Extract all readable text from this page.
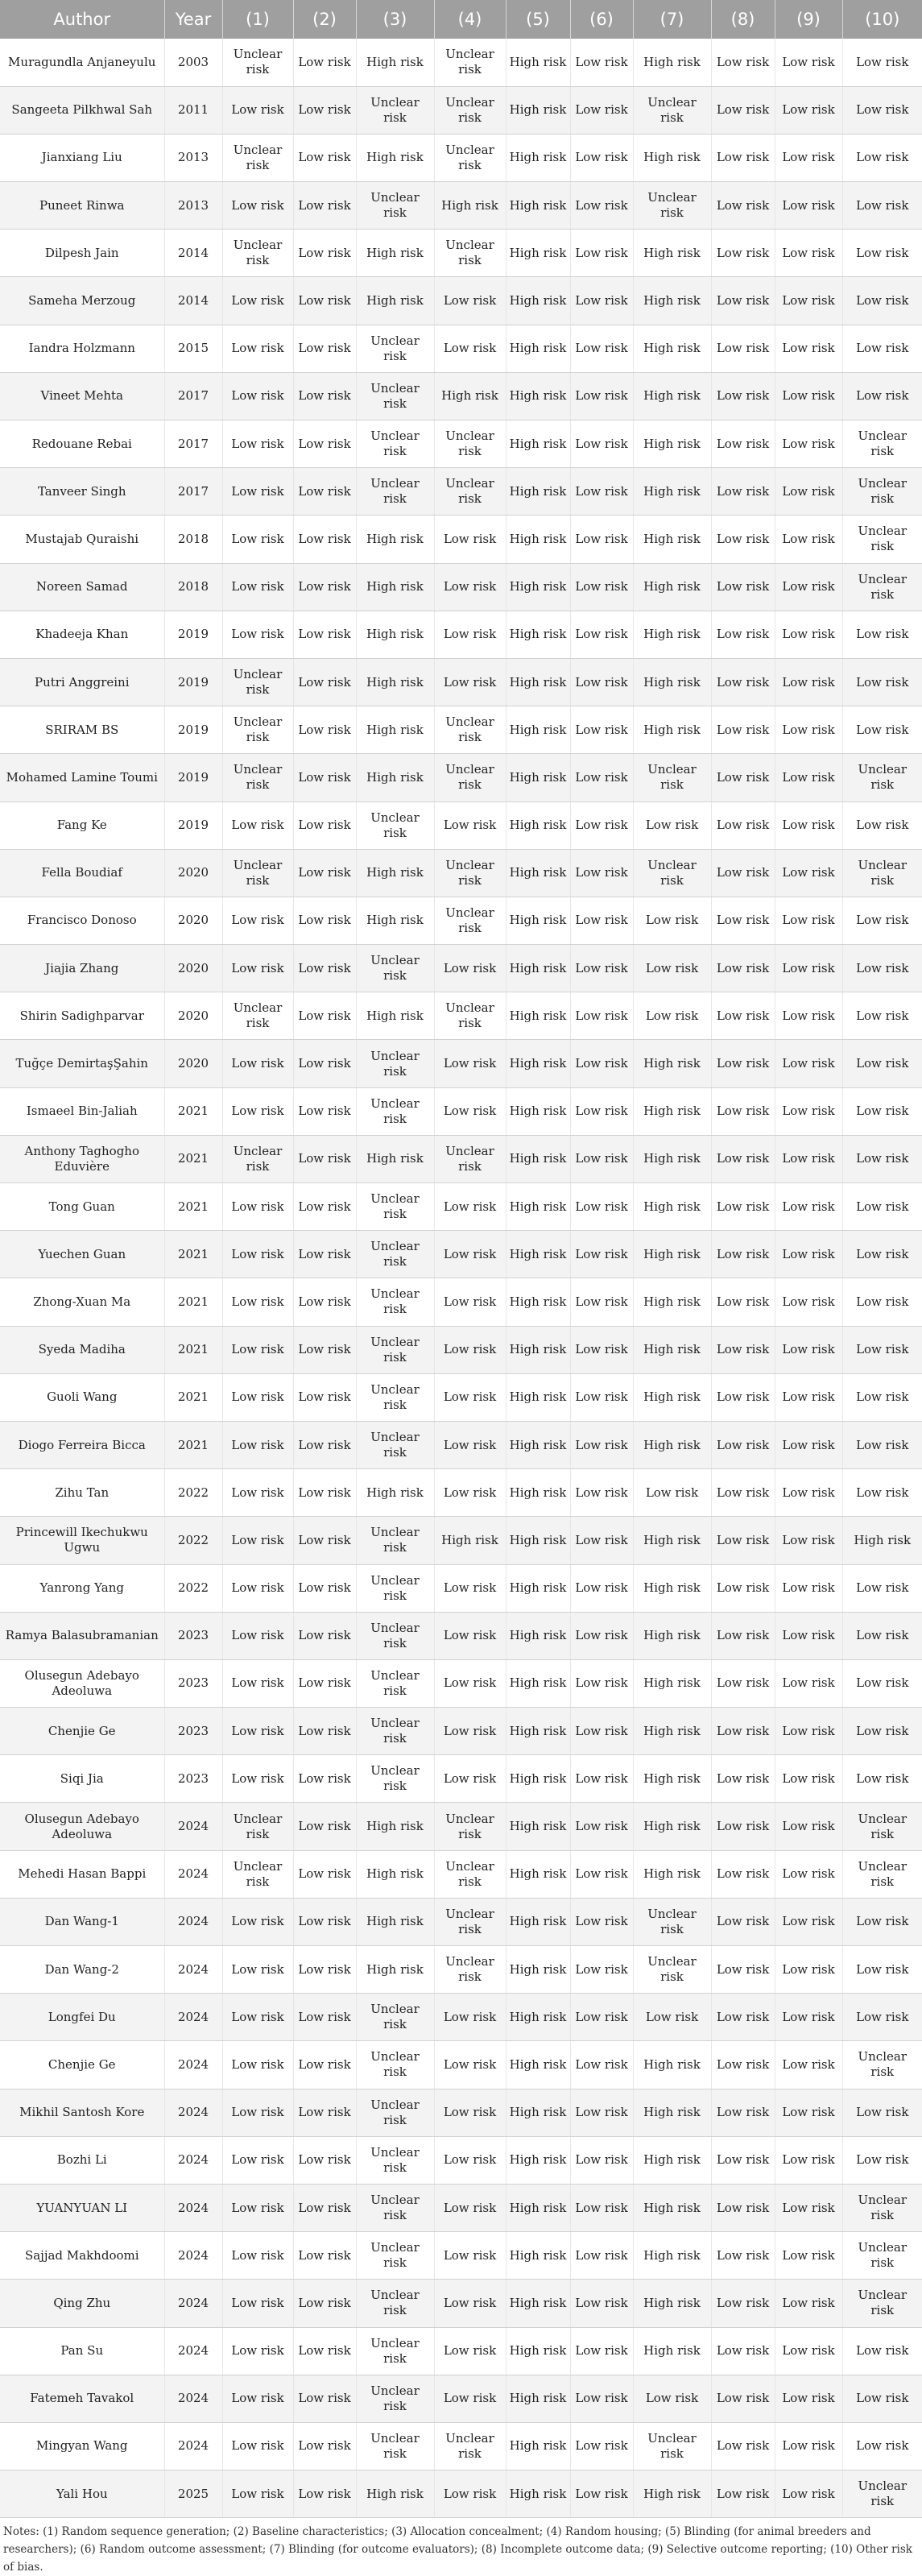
Author	Year	(1)	(2)	(3)	(4)	(5)	(6)	(7)	(8)	(9)	(10)
Muragundla Anjaneyulu	2003	Unclear risk	Low risk	High risk	Unclear risk	High risk	Low risk	High risk	Low risk	Low risk	Low risk
Sangeeta Pilkhwal Sah	2011	Low risk	Low risk	Unclear risk	Unclear risk	High risk	Low risk	Unclear risk	Low risk	Low risk	Low risk
Jianxiang Liu	2013	Unclear risk	Low risk	High risk	Unclear risk	High risk	Low risk	High risk	Low risk	Low risk	Low risk
Puneet Rinwa	2013	Low risk	Low risk	Unclear risk	High risk	High risk	Low risk	Unclear risk	Low risk	Low risk	Low risk
Dilpesh Jain	2014	Unclear risk	Low risk	High risk	Unclear risk	High risk	Low risk	High risk	Low risk	Low risk	Low risk
Sameha Merzoug	2014	Low risk	Low risk	High risk	Low risk	High risk	Low risk	High risk	Low risk	Low risk	Low risk
Iandra Holzmann	2015	Low risk	Low risk	Unclear risk	Low risk	High risk	Low risk	High risk	Low risk	Low risk	Low risk
Vineet Mehta	2017	Low risk	Low risk	Unclear risk	High risk	High risk	Low risk	High risk	Low risk	Low risk	Low risk
Redouane Rebai	2017	Low risk	Low risk	Unclear risk	Unclear risk	High risk	Low risk	High risk	Low risk	Low risk	Unclear risk
Tanveer Singh	2017	Low risk	Low risk	Unclear risk	Unclear risk	High risk	Low risk	High risk	Low risk	Low risk	Unclear risk
Mustajab Quraishi	2018	Low risk	Low risk	High risk	Low risk	High risk	Low risk	High risk	Low risk	Low risk	Unclear risk
Noreen Samad	2018	Low risk	Low risk	High risk	Low risk	High risk	Low risk	High risk	Low risk	Low risk	Unclear risk
Khadeeja Khan	2019	Low risk	Low risk	High risk	Low risk	High risk	Low risk	High risk	Low risk	Low risk	Low risk
Putri Anggreini	2019	Unclear risk	Low risk	High risk	Low risk	High risk	Low risk	High risk	Low risk	Low risk	Low risk
SRIRAM BS	2019	Unclear risk	Low risk	High risk	Unclear risk	High risk	Low risk	High risk	Low risk	Low risk	Low risk
Mohamed Lamine Toumi	2019	Unclear risk	Low risk	High risk	Unclear risk	High risk	Low risk	Unclear risk	Low risk	Low risk	Unclear risk
Fang Ke	2019	Low risk	Low risk	Unclear risk	Low risk	High risk	Low risk	Low risk	Low risk	Low risk	Low risk
Fella Boudiaf	2020	Unclear risk	Low risk	High risk	Unclear risk	High risk	Low risk	Unclear risk	Low risk	Low risk	Unclear risk
Francisco Donoso	2020	Low risk	Low risk	High risk	Unclear risk	High risk	Low risk	Low risk	Low risk	Low risk	Low risk
Jiajia Zhang	2020	Low risk	Low risk	Unclear risk	Low risk	High risk	Low risk	Low risk	Low risk	Low risk	Low risk
Shirin Sadighparvar	2020	Unclear risk	Low risk	High risk	Unclear risk	High risk	Low risk	Low risk	Low risk	Low risk	Low risk
Tuğçe DemirtaşŞahin	2020	Low risk	Low risk	Unclear risk	Low risk	High risk	Low risk	High risk	Low risk	Low risk	Low risk
Ismaeel Bin-Jaliah	2021	Low risk	Low risk	Unclear risk	Low risk	High risk	Low risk	High risk	Low risk	Low risk	Low risk
Anthony Taghogho Eduvière	2021	Unclear risk	Low risk	High risk	Unclear risk	High risk	Low risk	High risk	Low risk	Low risk	Low risk
Tong Guan	2021	Low risk	Low risk	Unclear risk	Low risk	High risk	Low risk	High risk	Low risk	Low risk	Low risk
Yuechen Guan	2021	Low risk	Low risk	Unclear risk	Low risk	High risk	Low risk	High risk	Low risk	Low risk	Low risk
Zhong-Xuan Ma	2021	Low risk	Low risk	Unclear risk	Low risk	High risk	Low risk	High risk	Low risk	Low risk	Low risk
Syeda Madiha	2021	Low risk	Low risk	Unclear risk	Low risk	High risk	Low risk	High risk	Low risk	Low risk	Low risk
Guoli Wang	2021	Low risk	Low risk	Unclear risk	Low risk	High risk	Low risk	High risk	Low risk	Low risk	Low risk
Diogo Ferreira Bicca	2021	Low risk	Low risk	Unclear risk	Low risk	High risk	Low risk	High risk	Low risk	Low risk	Low risk
Zihu Tan	2022	Low risk	Low risk	High risk	Low risk	High risk	Low risk	Low risk	Low risk	Low risk	Low risk
Princewill Ikechukwu Ugwu	2022	Low risk	Low risk	Unclear risk	High risk	High risk	Low risk	High risk	Low risk	Low risk	High risk
Yanrong Yang	2022	Low risk	Low risk	Unclear risk	Low risk	High risk	Low risk	High risk	Low risk	Low risk	Low risk
Ramya Balasubramanian	2023	Low risk	Low risk	Unclear risk	Low risk	High risk	Low risk	High risk	Low risk	Low risk	Low risk
Olusegun Adebayo Adeoluwa	2023	Low risk	Low risk	Unclear risk	Low risk	High risk	Low risk	High risk	Low risk	Low risk	Low risk
Chenjie Ge	2023	Low risk	Low risk	Unclear risk	Low risk	High risk	Low risk	High risk	Low risk	Low risk	Low risk
Siqi Jia	2023	Low risk	Low risk	Unclear risk	Low risk	High risk	Low risk	High risk	Low risk	Low risk	Low risk
Olusegun Adebayo Adeoluwa	2024	Unclear risk	Low risk	High risk	Unclear risk	High risk	Low risk	High risk	Low risk	Low risk	Unclear risk
Mehedi Hasan Bappi	2024	Unclear risk	Low risk	High risk	Unclear risk	High risk	Low risk	High risk	Low risk	Low risk	Unclear risk
Dan Wang-1	2024	Low risk	Low risk	High risk	Unclear risk	High risk	Low risk	Unclear risk	Low risk	Low risk	Low risk
Dan Wang-2	2024	Low risk	Low risk	High risk	Unclear risk	High risk	Low risk	Unclear risk	Low risk	Low risk	Low risk
Longfei Du	2024	Low risk	Low risk	Unclear risk	Low risk	High risk	Low risk	Low risk	Low risk	Low risk	Low risk
Chenjie Ge	2024	Low risk	Low risk	Unclear risk	Low risk	High risk	Low risk	High risk	Low risk	Low risk	Unclear risk
Mikhil Santosh Kore	2024	Low risk	Low risk	Unclear risk	Low risk	High risk	Low risk	High risk	Low risk	Low risk	Low risk
Bozhi Li	2024	Low risk	Low risk	Unclear risk	Low risk	High risk	Low risk	High risk	Low risk	Low risk	Low risk
YUANYUAN LI	2024	Low risk	Low risk	Unclear risk	Low risk	High risk	Low risk	High risk	Low risk	Low risk	Unclear risk
Sajjad Makhdoomi	2024	Low risk	Low risk	Unclear risk	Low risk	High risk	Low risk	High risk	Low risk	Low risk	Unclear risk
Qing Zhu	2024	Low risk	Low risk	Unclear risk	Low risk	High risk	Low risk	High risk	Low risk	Low risk	Unclear risk
Pan Su	2024	Low risk	Low risk	Unclear risk	Low risk	High risk	Low risk	High risk	Low risk	Low risk	Low risk
Fatemeh Tavakol	2024	Low risk	Low risk	Unclear risk	Low risk	High risk	Low risk	Low risk	Low risk	Low risk	Low risk
Mingyan Wang	2024	Low risk	Low risk	Unclear risk	Unclear risk	High risk	Low risk	Unclear risk	Low risk	Low risk	Low risk
Yali Hou	2025	Low risk	Low risk	High risk	Low risk	High risk	Low risk	High risk	Low risk	Low risk	Unclear risk
Notes: (1) Random sequence generation; (2) Baseline characteristics; (3) Allocation concealment; (4) Random housing; (5) Blinding (for animal breeders and researchers); (6) Random outcome assessment; (7) Blinding (for outcome evaluators); (8) Incomplete outcome data; (9) Selective outcome reporting; (10) Other risk of bias.
